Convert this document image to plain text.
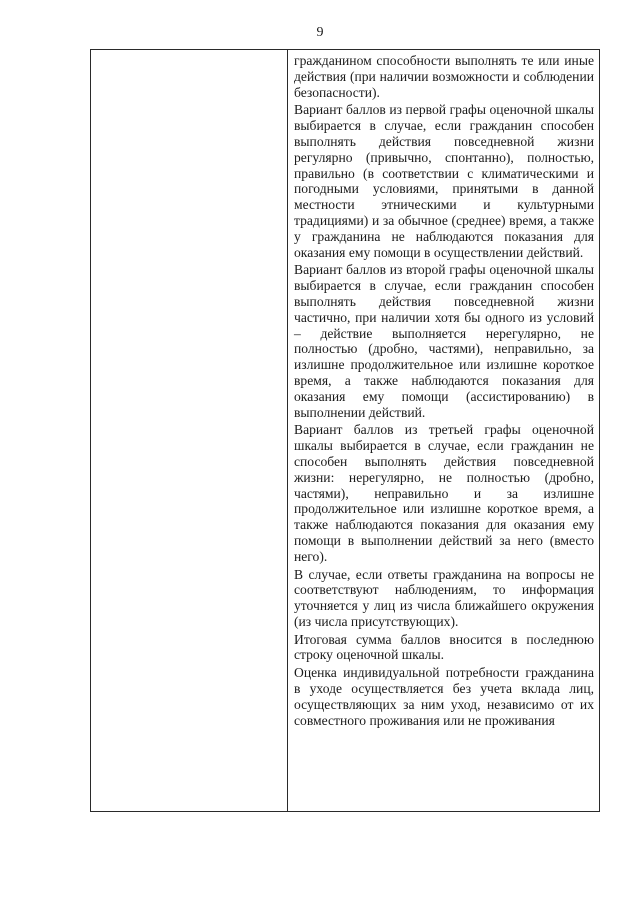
9

гражданином способности выполнять те или иные действия (при наличии возможности и соблюдении безопасности).

Вариант баллов из первой графы оценочной шкалы выбирается в случае, если гражданин способен выполнять действия повседневной жизни регулярно (привычно, спонтанно), полностью, правильно (в соответствии с климатическими и погодными условиями, принятыми в данной местности этническими и культурными традициями) и за обычное (среднее) время, а также у гражданина не наблюдаются показания для оказания ему помощи в осуществлении действий.

Вариант баллов из второй графы оценочной шкалы выбирается в случае, если гражданин способен выполнять действия повседневной жизни частично, при наличии хотя бы одного из условий – действие выполняется нерегулярно, не полностью (дробно, частями), неправильно, за излишне продолжительное или излишне короткое время, а также наблюдаются показания для оказания ему помощи (ассистированию) в выполнении действий.

Вариант баллов из третьей графы оценочной шкалы выбирается в случае, если гражданин не способен выполнять действия повседневной жизни: нерегулярно, не полностью (дробно, частями), неправильно и за излишне продолжительное или излишне короткое время, а также наблюдаются показания для оказания ему помощи в выполнении действий за него (вместо него).

В случае, если ответы гражданина на вопросы не соответствуют наблюдениям, то информация уточняется у лиц из числа ближайшего окружения (из числа присутствующих).

Итоговая сумма баллов вносится в последнюю строку оценочной шкалы.

Оценка индивидуальной потребности гражданина в уходе осуществляется без учета вклада лиц, осуществляющих за ним уход, независимо от их совместного проживания или не проживания
